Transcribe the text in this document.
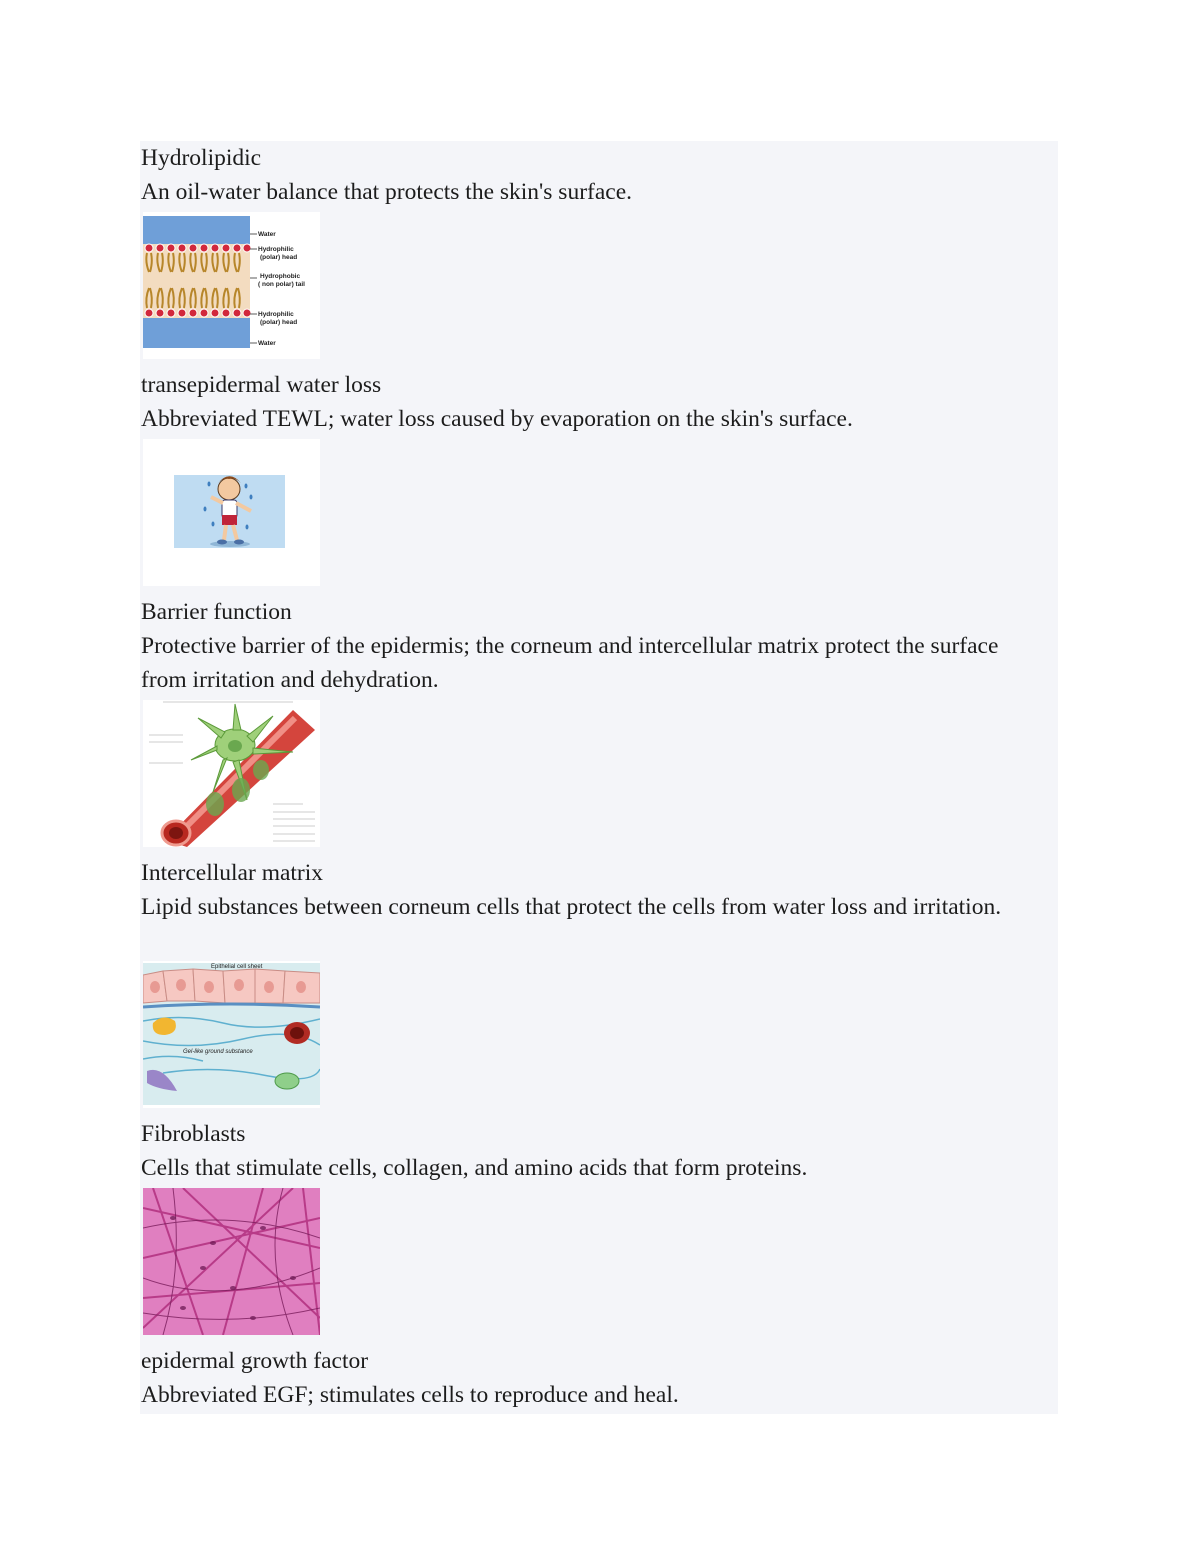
Hydrolipidic

An oil-water balance that protects the skin's surface.

Water
Hydrophilic
(polar) head
Hydrophobic
( non polar) tail
Hydrophilic
(polar) head
Water

transepidermal water loss

Abbreviated TEWL; water loss caused by evaporation on the skin's surface.

Barrier function

Protective barrier of the epidermis; the corneum and intercellular matrix protect the surface from irritation and dehydration.

Intercellular matrix

Lipid substances between corneum cells that protect the cells from water loss and irritation.

Epithelial cell sheet
Gel-like ground substance

Fibroblasts

Cells that stimulate cells, collagen, and amino acids that form proteins.

epidermal growth factor

Abbreviated EGF; stimulates cells to reproduce and heal.
